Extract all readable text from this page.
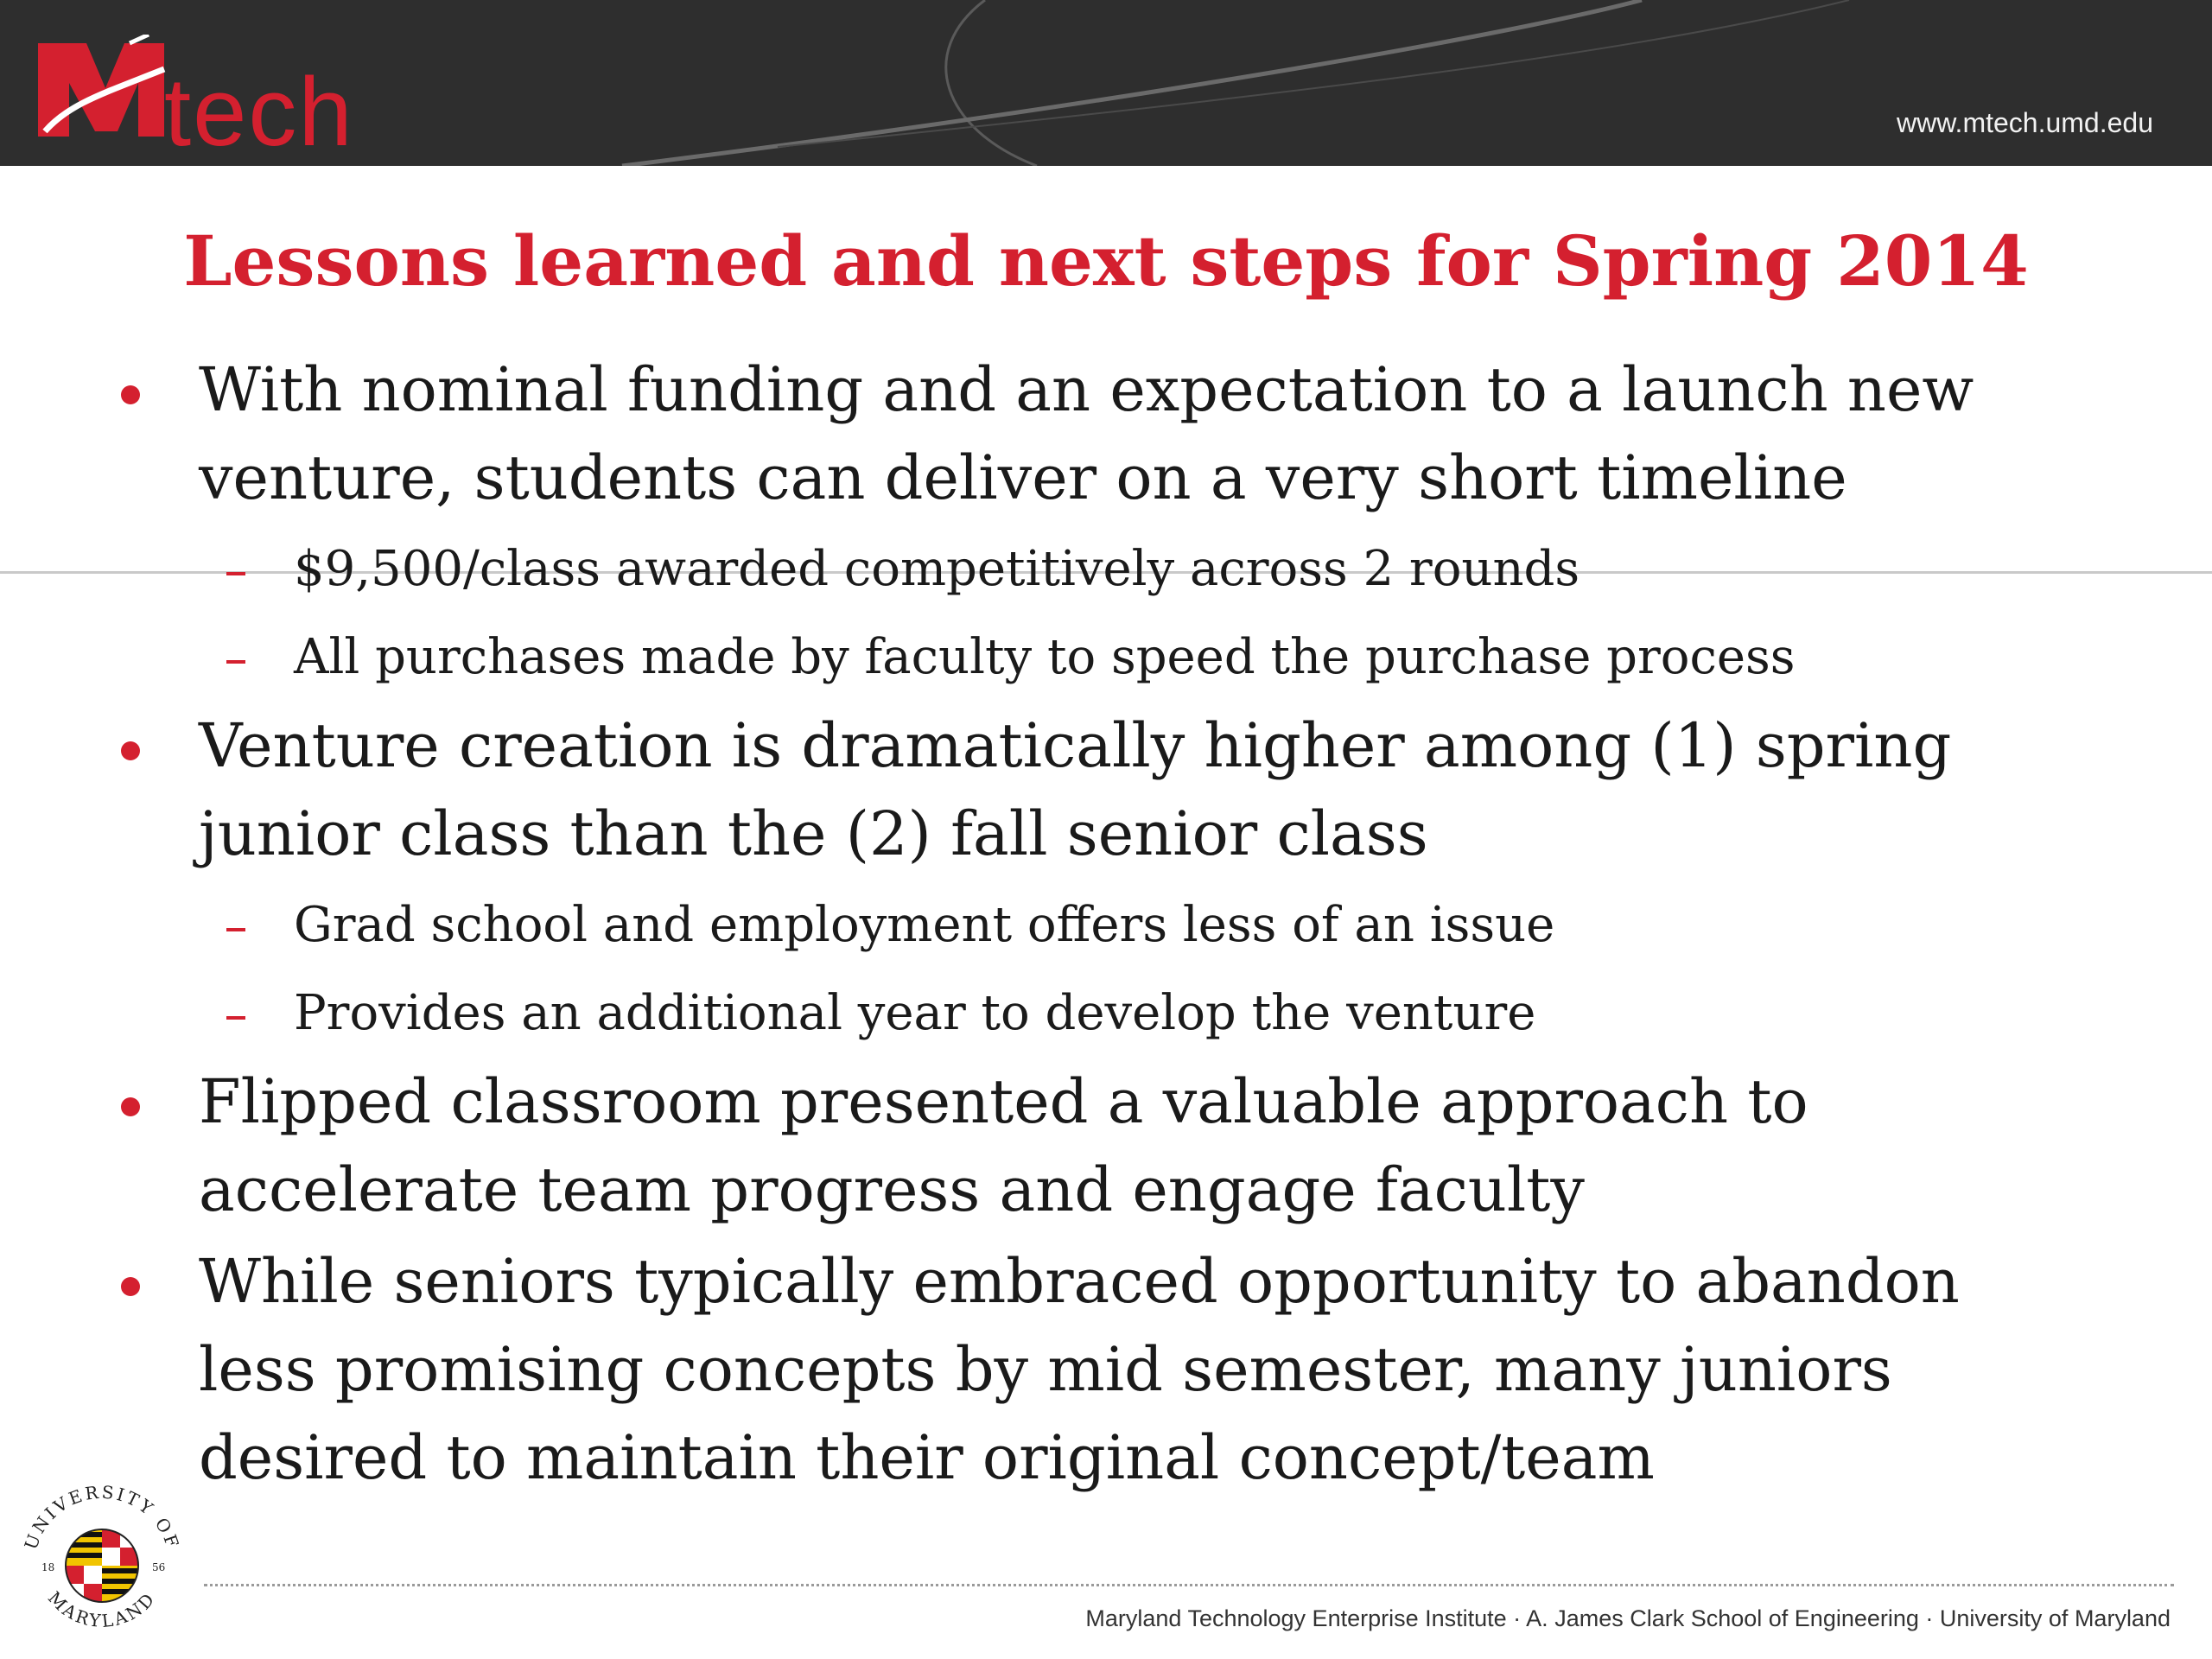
tech	www.mtech.umd.edu
Lessons learned and next steps for Spring 2014
With nominal funding and an expectation to a launch new
venture, students can deliver on a very short timeline
$9,500/class awarded competitively across 2 rounds
All purchases made by faculty to speed the purchase process
Venture creation is dramatically higher among (1) spring
junior class than the (2) fall senior class
Grad school and employment offers less of an issue
Provides an additional year to develop the venture
Flipped classroom presented a valuable approach to
accelerate team progress and engage faculty
While seniors typically embraced opportunity to abandon
less promising concepts by mid semester, many juniors
desired to maintain their original concept/team
UNIVERSITY OF
MARYLAND
18	56
Maryland Technology Enterprise Institute · A. James Clark School of Engineering · University of Maryland
